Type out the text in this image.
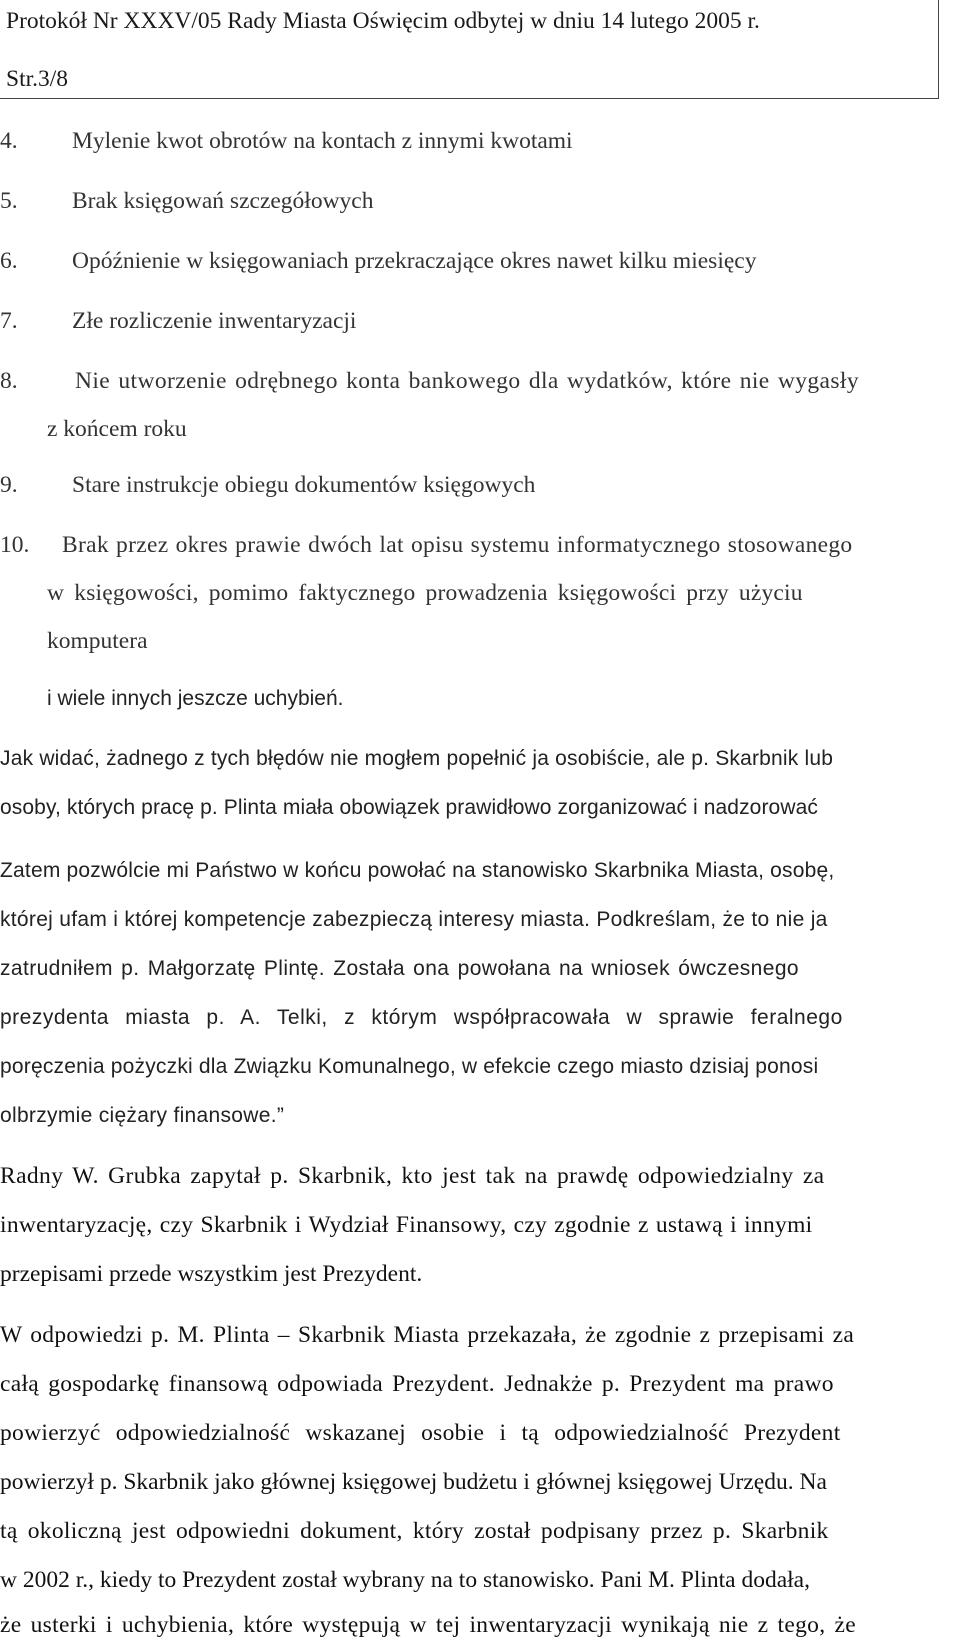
Protokół Nr XXXV/05 Rady Miasta Oświęcim odbytej w dniu 14 lutego 2005 r.
Str.3/8
4. Mylenie kwot obrotów na kontach z innymi kwotami
5. Brak księgowań szczegółowych
6. Opóźnienie w księgowaniach przekraczające okres nawet kilku miesięcy
7. Złe rozliczenie inwentaryzacji
8. Nie utworzenie odrębnego konta bankowego dla wydatków, które nie wygasły
z końcem roku
9. Stare instrukcje obiegu dokumentów księgowych
10. Brak przez okres prawie dwóch lat opisu systemu informatycznego stosowanego
w księgowości, pomimo faktycznego prowadzenia księgowości przy użyciu
komputera
i wiele innych jeszcze uchybień.
Jak widać, żadnego z tych błędów nie mogłem popełnić ja osobiście, ale p. Skarbnik lub
osoby, których pracę p. Plinta miała obowiązek prawidłowo zorganizować i nadzorować
Zatem pozwólcie mi Państwo w końcu powołać na stanowisko Skarbnika Miasta, osobę,
której ufam i której kompetencje zabezpieczą interesy miasta. Podkreślam, że to nie ja
zatrudniłem p. Małgorzatę Plintę. Została ona powołana na wniosek ówczesnego
prezydenta miasta p. A. Telki, z którym współpracowała w sprawie feralnego
poręczenia pożyczki dla Związku Komunalnego, w efekcie czego miasto dzisiaj ponosi
olbrzymie ciężary finansowe.”
Radny W. Grubka zapytał p. Skarbnik, kto jest tak na prawdę odpowiedzialny za
inwentaryzację, czy Skarbnik i Wydział Finansowy, czy zgodnie z ustawą i innymi
przepisami przede wszystkim jest Prezydent.
W odpowiedzi p. M. Plinta – Skarbnik Miasta przekazała, że zgodnie z przepisami za
całą gospodarkę finansową odpowiada Prezydent. Jednakże p. Prezydent ma prawo
powierzyć odpowiedzialność wskazanej osobie i tą odpowiedzialność Prezydent
powierzył p. Skarbnik jako głównej księgowej budżetu i głównej księgowej Urzędu. Na
tą okoliczną jest odpowiedni dokument, który został podpisany przez p. Skarbnik
w 2002 r., kiedy to Prezydent został wybrany na to stanowisko. Pani M. Plinta dodała,
że usterki i uchybienia, które występują w tej inwentaryzacji wynikają nie z tego, że
